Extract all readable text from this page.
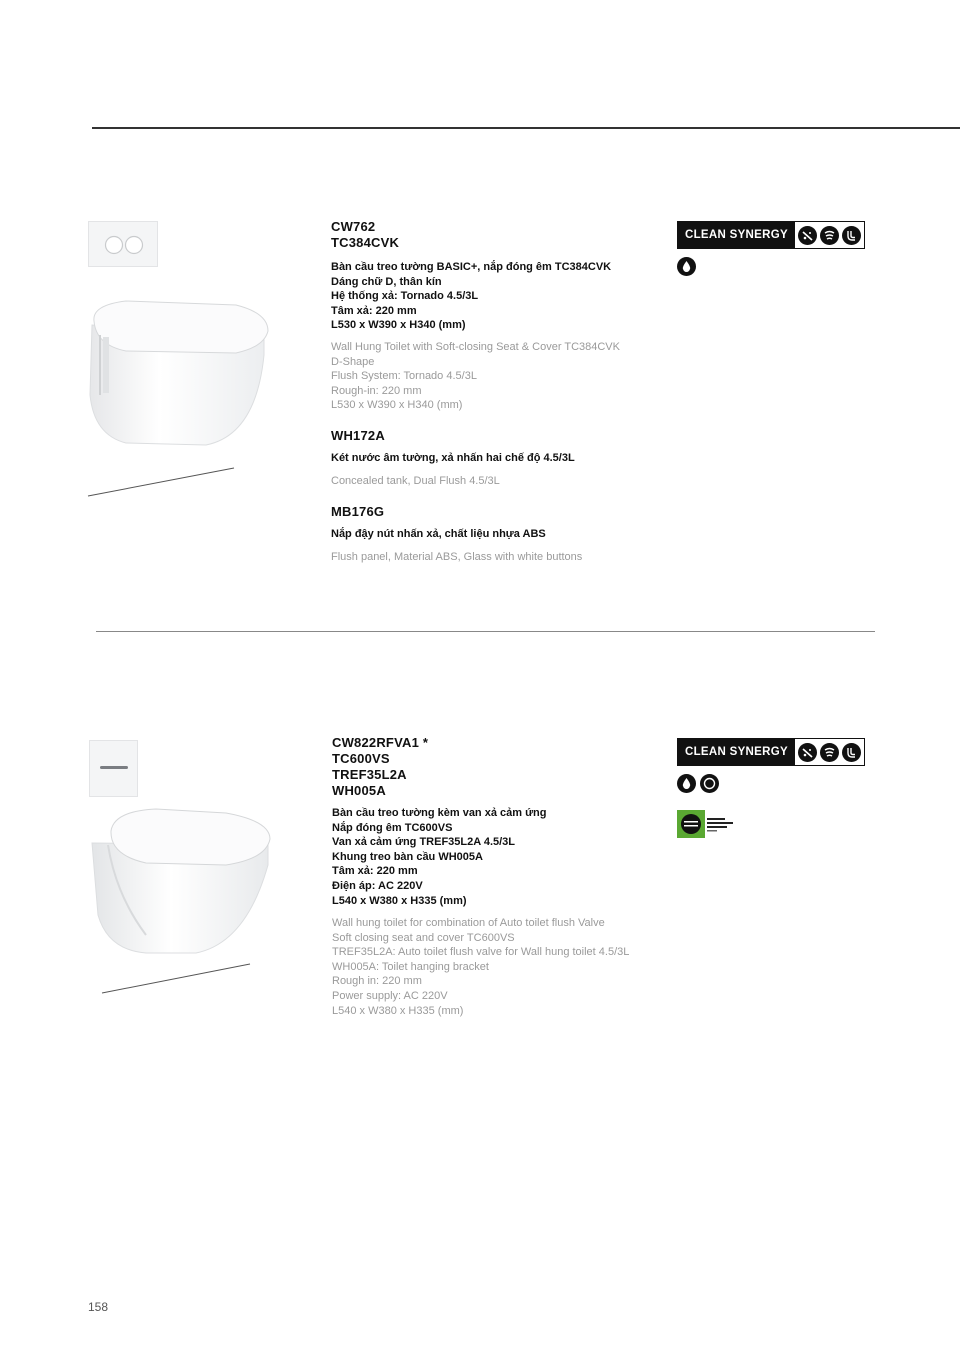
CW762
TC384CVK
Bàn cầu treo tường BASIC+, nắp đóng êm TC384CVK
Dáng chữ D, thân kín
Hệ thống xả: Tornado 4.5/3L
Tâm xả: 220 mm
L530 x W390 x H340 (mm)
Wall Hung Toilet with Soft-closing Seat & Cover TC384CVK
D-Shape
Flush System: Tornado 4.5/3L
Rough-in: 220 mm
L530 x W390 x H340 (mm)
WH172A
Két nước âm tường, xả nhấn hai chế độ 4.5/3L
Concealed tank, Dual Flush 4.5/3L
MB176G
Nắp đậy nút nhấn xả, chất liệu nhựa ABS
Flush panel, Material ABS, Glass with white buttons
CLEAN SYNERGY
CW822RFVA1 *
TC600VS
TREF35L2A
WH005A
Bàn cầu treo tường kèm van xả cảm ứng
Nắp đóng êm TC600VS
Van xả cảm ứng TREF35L2A 4.5/3L
Khung treo bàn cầu WH005A
Tâm xả: 220 mm
Điện áp: AC 220V
L540 x W380 x H335 (mm)
Wall hung toilet for combination of Auto toilet flush Valve
Soft closing seat and cover TC600VS
TREF35L2A: Auto toilet flush valve for Wall hung toilet 4.5/3L
WH005A: Toilet hanging bracket
Rough in: 220 mm
Power supply: AC 220V
L540 x W380 x H335 (mm)
CLEAN SYNERGY
158
